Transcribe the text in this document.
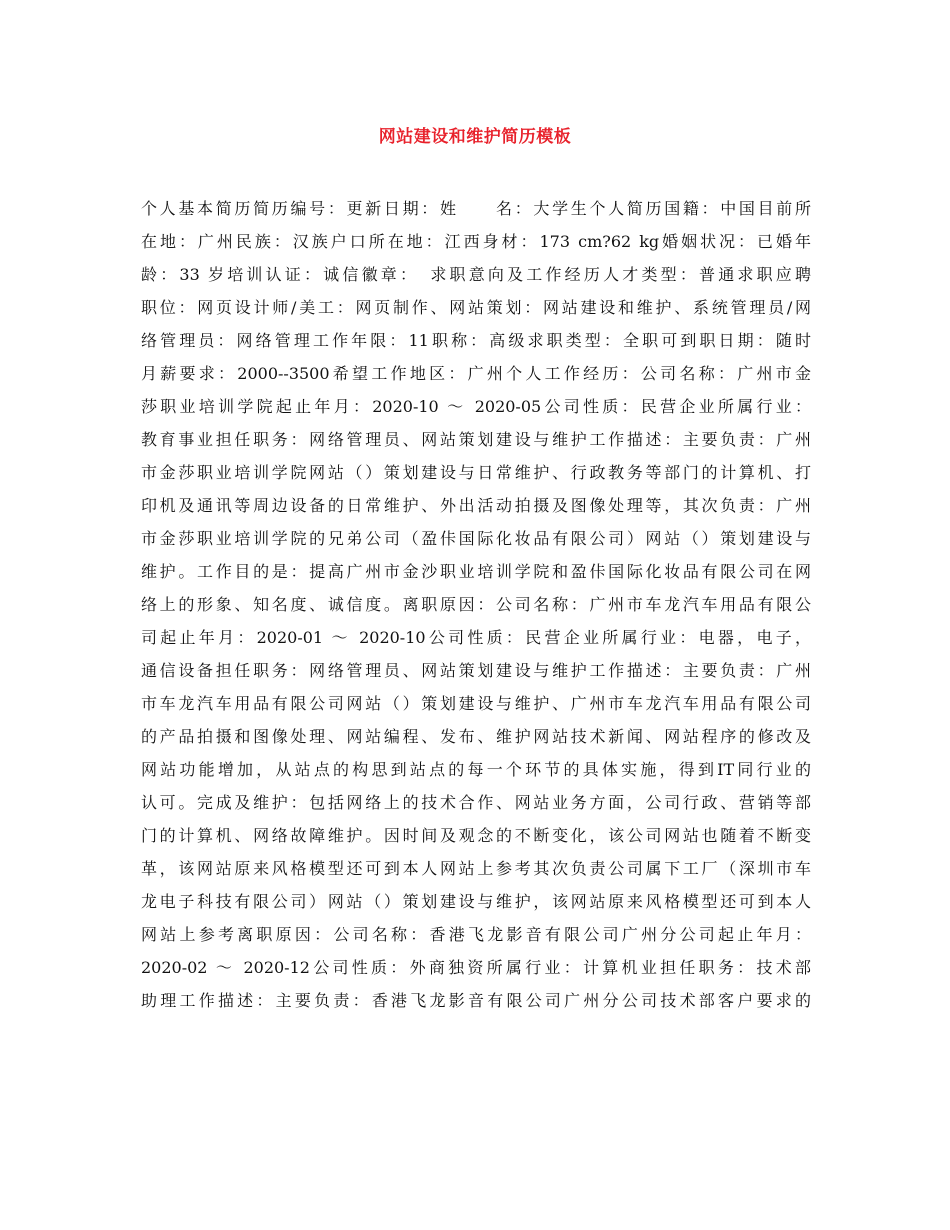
网站建设和维护简历模板
个人基本简历简历编号：更新日期：姓　　名：大学生个人简历国籍：中国目前所
在地：广州民族：汉族户口所在地：江西身材：173 cm?62 kg婚姻状况：已婚年
龄：33 岁培训认证：诚信徽章：　求职意向及工作经历人才类型：普通求职应聘
职位：网页设计师/美工：网页制作、网站策划：网站建设和维护、系统管理员/网
络管理员：网络管理工作年限：11职称：高级求职类型：全职可到职日期：随时
月薪要求：2000--3500希望工作地区：广州个人工作经历：公司名称：广州市金
莎职业培训学院起止年月：2020-10 ～ 2020-05公司性质：民营企业所属行业：
教育事业担任职务：网络管理员、网站策划建设与维护工作描述：主要负责：广州
市金莎职业培训学院网站（）策划建设与日常维护、行政教务等部门的计算机、打
印机及通讯等周边设备的日常维护、外出活动拍摄及图像处理等，其次负责：广州
市金莎职业培训学院的兄弟公司（盈佧国际化妆品有限公司）网站（）策划建设与
维护。工作目的是：提高广州市金沙职业培训学院和盈佧国际化妆品有限公司在网
络上的形象、知名度、诚信度。离职原因：公司名称：广州市车龙汽车用品有限公
司起止年月：2020-01 ～ 2020-10公司性质：民营企业所属行业：电器，电子，
通信设备担任职务：网络管理员、网站策划建设与维护工作描述：主要负责：广州
市车龙汽车用品有限公司网站（）策划建设与维护、广州市车龙汽车用品有限公司
的产品拍摄和图像处理、网站编程、发布、维护网站技术新闻、网站程序的修改及
网站功能增加，从站点的构思到站点的每一个环节的具体实施，得到IT同行业的
认可。完成及维护：包括网络上的技术合作、网站业务方面，公司行政、营销等部
门的计算机、网络故障维护。因时间及观念的不断变化，该公司网站也随着不断变
革，该网站原来风格模型还可到本人网站上参考其次负责公司属下工厂（深圳市车
龙电子科技有限公司）网站（）策划建设与维护，该网站原来风格模型还可到本人
网站上参考离职原因：公司名称：香港飞龙影音有限公司广州分公司起止年月：
2020-02 ～ 2020-12公司性质：外商独资所属行业：计算机业担任职务：技术部
助理工作描述：主要负责：香港飞龙影音有限公司广州分公司技术部客户要求的
